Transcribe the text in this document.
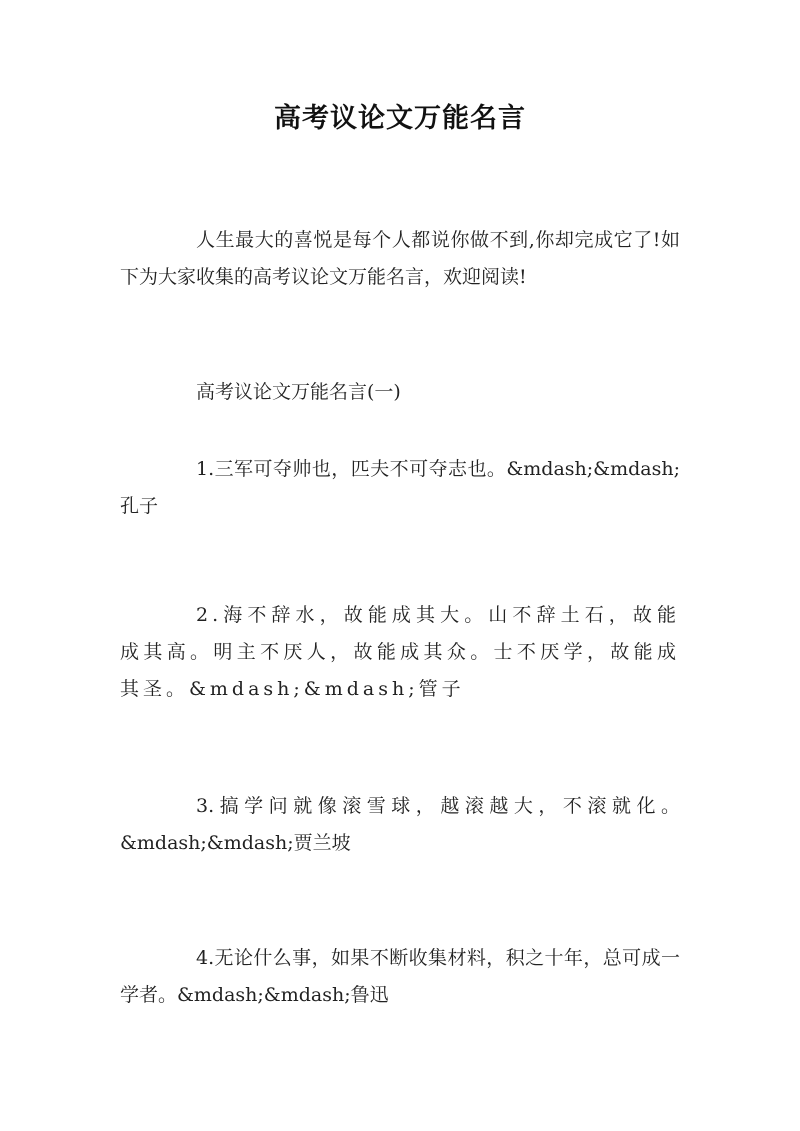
高考议论文万能名言
人生最大的喜悦是每个人都说你做不到,你却完成它了!如下为大家收集的高考议论文万能名言，欢迎阅读!
高考议论文万能名言(一)
1.三军可夺帅也，匹夫不可夺志也。&mdash;&mdash;孔子
2.海不辞水，故能成其大。山不辞土石，故能成其高。明主不厌人，故能成其众。士不厌学，故能成其圣。&mdash;&mdash;管子
3.搞学问就像滚雪球，越滚越大，不滚就化。&mdash;&mdash;贾兰坡
4.无论什么事，如果不断收集材料，积之十年，总可成一学者。&mdash;&mdash;鲁迅
